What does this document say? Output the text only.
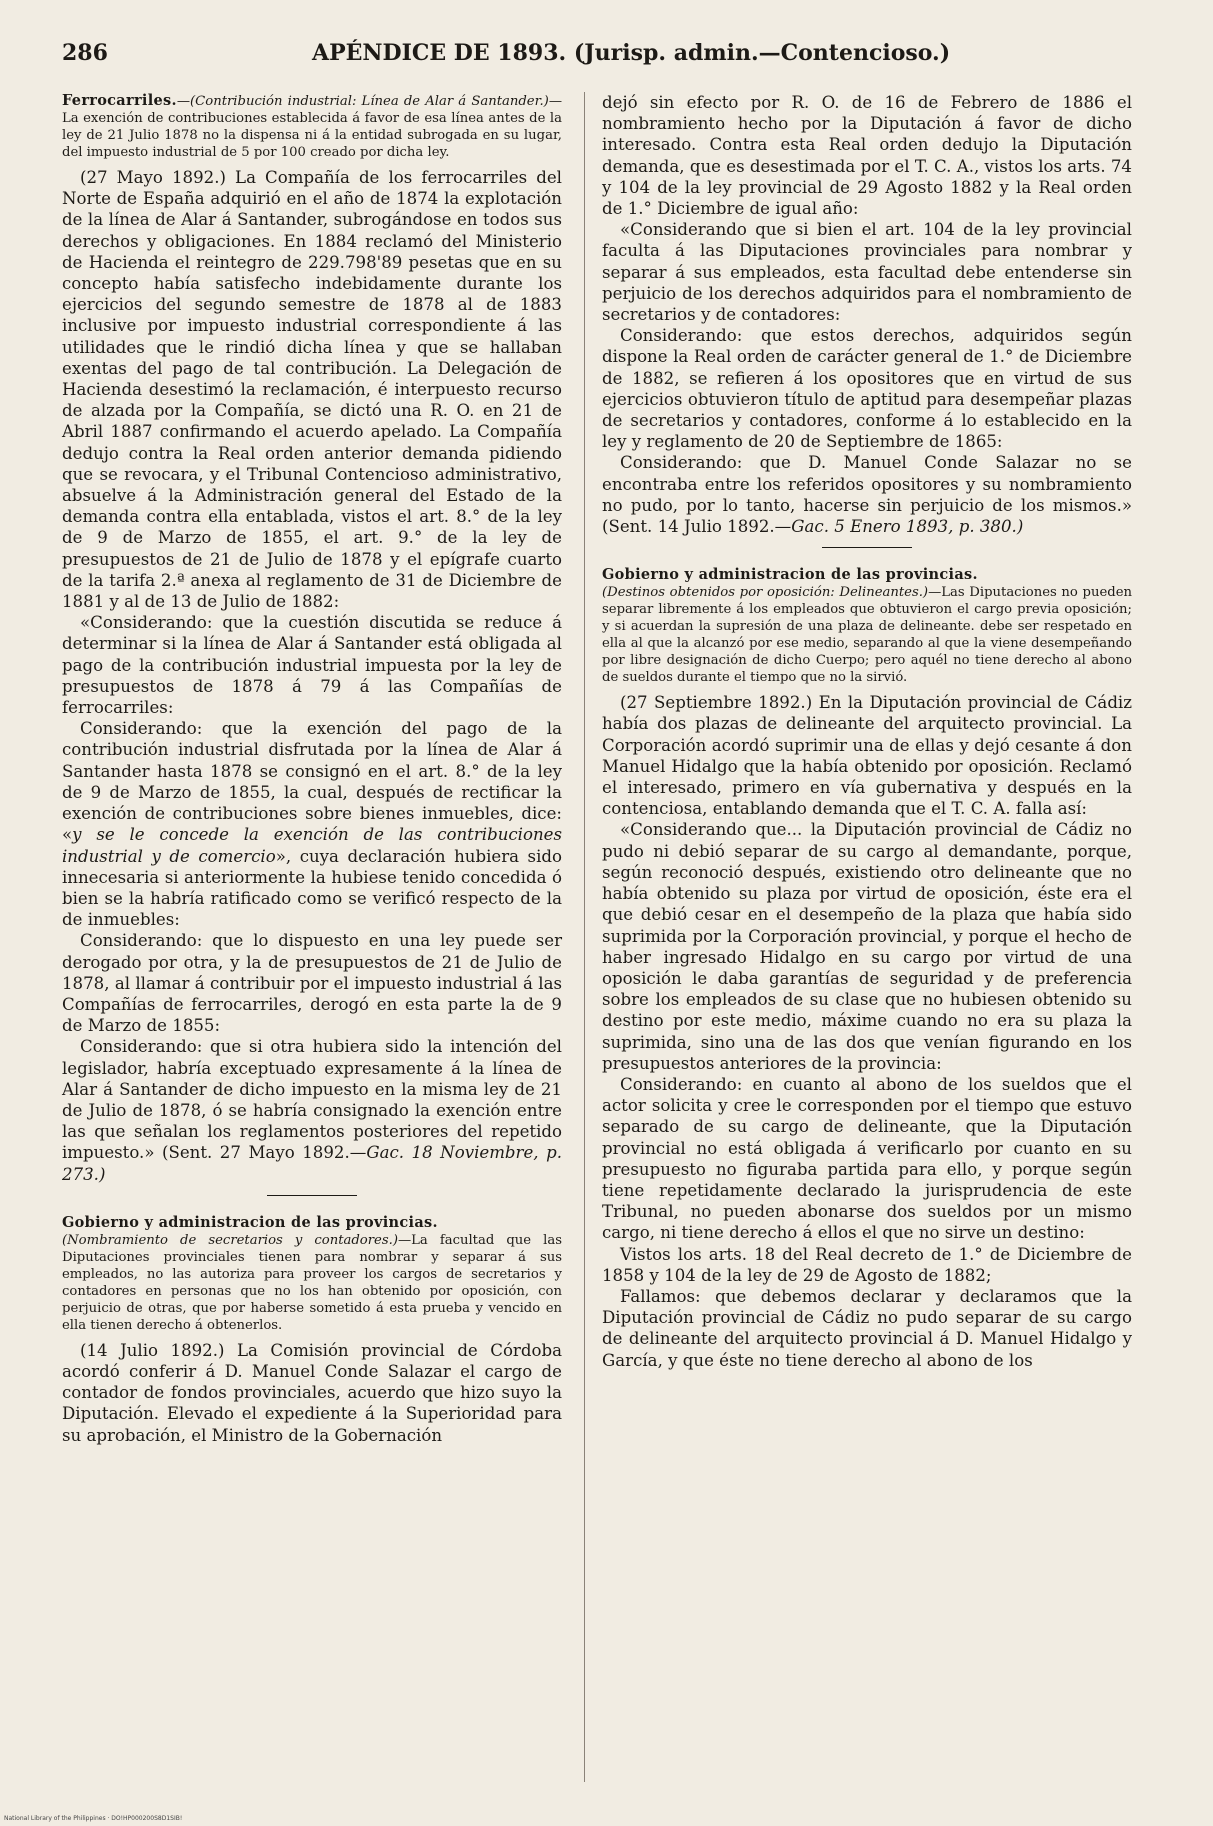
286	APÉNDICE DE 1893. (Jurisp. admin.—Contencioso.)
Ferrocarriles.—(Contribución industrial: Línea de Alar á Santander.)—La exención de contribuciones establecida á favor de esa línea antes de la ley de 21 Julio 1878 no la dispensa ni á la entidad subrogada en su lugar, del impuesto industrial de 5 por 100 creado por dicha ley.

(27 Mayo 1892.) La Compañía de los ferrocarriles del Norte de España adquirió en el año de 1874 la explotación de la línea de Alar á Santander, subrogándose en todos sus derechos y obligaciones. En 1884 reclamó del Ministerio de Hacienda el reintegro de 229.798'89 pesetas que en su concepto había satisfecho indebidamente durante los ejercicios del segundo semestre de 1878 al de 1883 inclusive por impuesto industrial correspondiente á las utilidades que le rindió dicha línea y que se hallaban exentas del pago de tal contribución. La Delegación de Hacienda desestimó la reclamación, é interpuesto recurso de alzada por la Compañía, se dictó una R. O. en 21 de Abril 1887 confirmando el acuerdo apelado. La Compañía dedujo contra la Real orden anterior demanda pidiendo que se revocara, y el Tribunal Contencioso administrativo, absuelve á la Administración general del Estado de la demanda contra ella entablada, vistos el art. 8.° de la ley de 9 de Marzo de 1855, el art. 9.° de la ley de presupuestos de 21 de Julio de 1878 y el epígrafe cuarto de la tarifa 2.ª anexa al reglamento de 31 de Diciembre de 1881 y al de 13 de Julio de 1882:

«Considerando: que la cuestión discutida se reduce á determinar si la línea de Alar á Santander está obligada al pago de la contribución industrial impuesta por la ley de presupuestos de 1878 á 79 á las Compañías de ferrocarriles:

Considerando: que la exención del pago de la contribución industrial disfrutada por la línea de Alar á Santander hasta 1878 se consignó en el art. 8.° de la ley de 9 de Marzo de 1855, la cual, después de rectificar la exención de contribuciones sobre bienes inmuebles, dice: «y se le concede la exención de las contribuciones industrial y de comercio», cuya declaración hubiera sido innecesaria si anteriormente la hubiese tenido concedida ó bien se la habría ratificado como se verificó respecto de la de inmuebles:

Considerando: que lo dispuesto en una ley puede ser derogado por otra, y la de presupuestos de 21 de Julio de 1878, al llamar á contribuir por el impuesto industrial á las Compañías de ferrocarriles, derogó en esta parte la de 9 de Marzo de 1855:

Considerando: que si otra hubiera sido la intención del legislador, habría exceptuado expresamente á la línea de Alar á Santander de dicho impuesto en la misma ley de 21 de Julio de 1878, ó se habría consignado la exención entre las que señalan los reglamentos posteriores del repetido impuesto.» (Sent. 27 Mayo 1892.—Gac. 18 Noviembre, p. 273.)

Gobierno y administracion de las provincias.
(Nombramiento de secretarios y contadores.)—La facultad que las Diputaciones provinciales tienen para nombrar y separar á sus empleados, no las autoriza para proveer los cargos de secretarios y contadores en personas que no los han obtenido por oposición, con perjuicio de otras, que por haberse sometido á esta prueba y vencido en ella tienen derecho á obtenerlos.

(14 Julio 1892.) La Comisión provincial de Córdoba acordó conferir á D. Manuel Conde Salazar el cargo de contador de fondos provinciales, acuerdo que hizo suyo la Diputación. Elevado el expediente á la Superioridad para su aprobación, el Ministro de la Gobernación

dejó sin efecto por R. O. de 16 de Febrero de 1886 el nombramiento hecho por la Diputación á favor de dicho interesado. Contra esta Real orden dedujo la Diputación demanda, que es desestimada por el T. C. A., vistos los arts. 74 y 104 de la ley provincial de 29 Agosto 1882 y la Real orden de 1.° Diciembre de igual año:

«Considerando que si bien el art. 104 de la ley provincial faculta á las Diputaciones provinciales para nombrar y separar á sus empleados, esta facultad debe entenderse sin perjuicio de los derechos adquiridos para el nombramiento de secretarios y de contadores:

Considerando: que estos derechos, adquiridos según dispone la Real orden de carácter general de 1.° de Diciembre de 1882, se refieren á los opositores que en virtud de sus ejercicios obtuvieron título de aptitud para desempeñar plazas de secretarios y contadores, conforme á lo establecido en la ley y reglamento de 20 de Septiembre de 1865:

Considerando: que D. Manuel Conde Salazar no se encontraba entre los referidos opositores y su nombramiento no pudo, por lo tanto, hacerse sin perjuicio de los mismos.» (Sent. 14 Julio 1892.—Gac. 5 Enero 1893, p. 380.)

Gobierno y administracion de las provincias.
(Destinos obtenidos por oposición: Delineantes.)—Las Diputaciones no pueden separar libremente á los empleados que obtuvieron el cargo previa oposición; y si acuerdan la supresión de una plaza de delineante. debe ser respetado en ella al que la alcanzó por ese medio, separando al que la viene desempeñando por libre designación de dicho Cuerpo; pero aquél no tiene derecho al abono de sueldos durante el tiempo que no la sirvió.

(27 Septiembre 1892.) En la Diputación provincial de Cádiz había dos plazas de delineante del arquitecto provincial. La Corporación acordó suprimir una de ellas y dejó cesante á don Manuel Hidalgo que la había obtenido por oposición. Reclamó el interesado, primero en vía gubernativa y después en la contenciosa, entablando demanda que el T. C. A. falla así:

«Considerando que... la Diputación provincial de Cádiz no pudo ni debió separar de su cargo al demandante, porque, según reconoció después, existiendo otro delineante que no había obtenido su plaza por virtud de oposición, éste era el que debió cesar en el desempeño de la plaza que había sido suprimida por la Corporación provincial, y porque el hecho de haber ingresado Hidalgo en su cargo por virtud de una oposición le daba garantías de seguridad y de preferencia sobre los empleados de su clase que no hubiesen obtenido su destino por este medio, máxime cuando no era su plaza la suprimida, sino una de las dos que venían figurando en los presupuestos anteriores de la provincia:

Considerando: en cuanto al abono de los sueldos que el actor solicita y cree le corresponden por el tiempo que estuvo separado de su cargo de delineante, que la Diputación provincial no está obligada á verificarlo por cuanto en su presupuesto no figuraba partida para ello, y porque según tiene repetidamente declarado la jurisprudencia de este Tribunal, no pueden abonarse dos sueldos por un mismo cargo, ni tiene derecho á ellos el que no sirve un destino:

Vistos los arts. 18 del Real decreto de 1.° de Diciembre de 1858 y 104 de la ley de 29 de Agosto de 1882;

Fallamos: que debemos declarar y declaramos que la Diputación provincial de Cádiz no pudo separar de su cargo de delineante del arquitecto provincial á D. Manuel Hidalgo y García, y que éste no tiene derecho al abono de los

National Library of the Philippines · DO!HP000200S8D1SIB!
